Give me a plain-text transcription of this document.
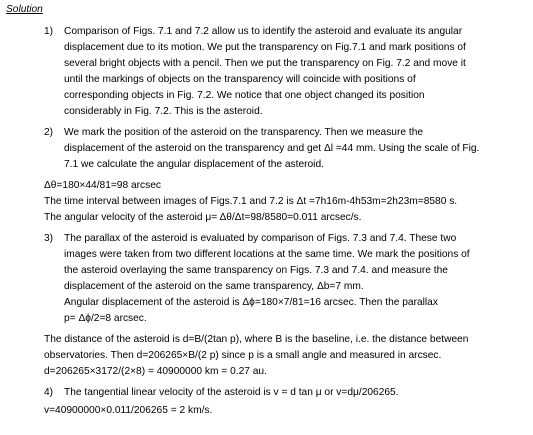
Solution
1) Comparison of Figs. 7.1 and 7.2 allow us to identify the asteroid and evaluate its angular
displacement due to its motion. We put the transparency on Fig.7.1 and mark positions of
several bright objects with a pencil. Then we put the transparency on Fig. 7.2 and move it
until the markings of objects on the transparency will coincide with positions of
corresponding objects in Fig. 7.2. We notice that one object changed its position
considerably in Fig. 7.2. This is the asteroid.
2) We mark the position of the asteroid on the transparency. Then we measure the
displacement of the asteroid on the transparency and get Δl =44 mm. Using the scale of Fig.
7.1 we calculate the angular displacement of the asteroid.
Δθ=180×44/81=98 arcsec
The time interval between images of Figs.7.1 and 7.2 is Δt =7h16m-4h53m=2h23m=8580 s.
The angular velocity of the asteroid μ= Δθ/Δt=98/8580=0.011 arcsec/s.
3) The parallax of the asteroid is evaluated by comparison of Figs. 7.3 and 7.4. These two
images were taken from two different locations at the same time. We mark the positions of
the asteroid overlaying the same transparency on Figs. 7.3 and 7.4. and measure the
displacement of the asteroid on the same transparency, Δb=7 mm.
Angular displacement of the asteroid is Δϕ=180×7/81=16 arcsec. Then the parallax
p= Δϕ/2=8 arcsec.
The distance of the asteroid is d=B/(2tan p), where B is the baseline, i.e. the distance between
observatories. Then d=206265×B/(2 p) since p is a small angle and measured in arcsec.
d=206265×3172/(2×8) = 40900000 km = 0.27 au.
4) The tangential linear velocity of the asteroid is v = d tan μ or v=dμ/206265.
v=40900000×0.011/206265 = 2 km/s.
